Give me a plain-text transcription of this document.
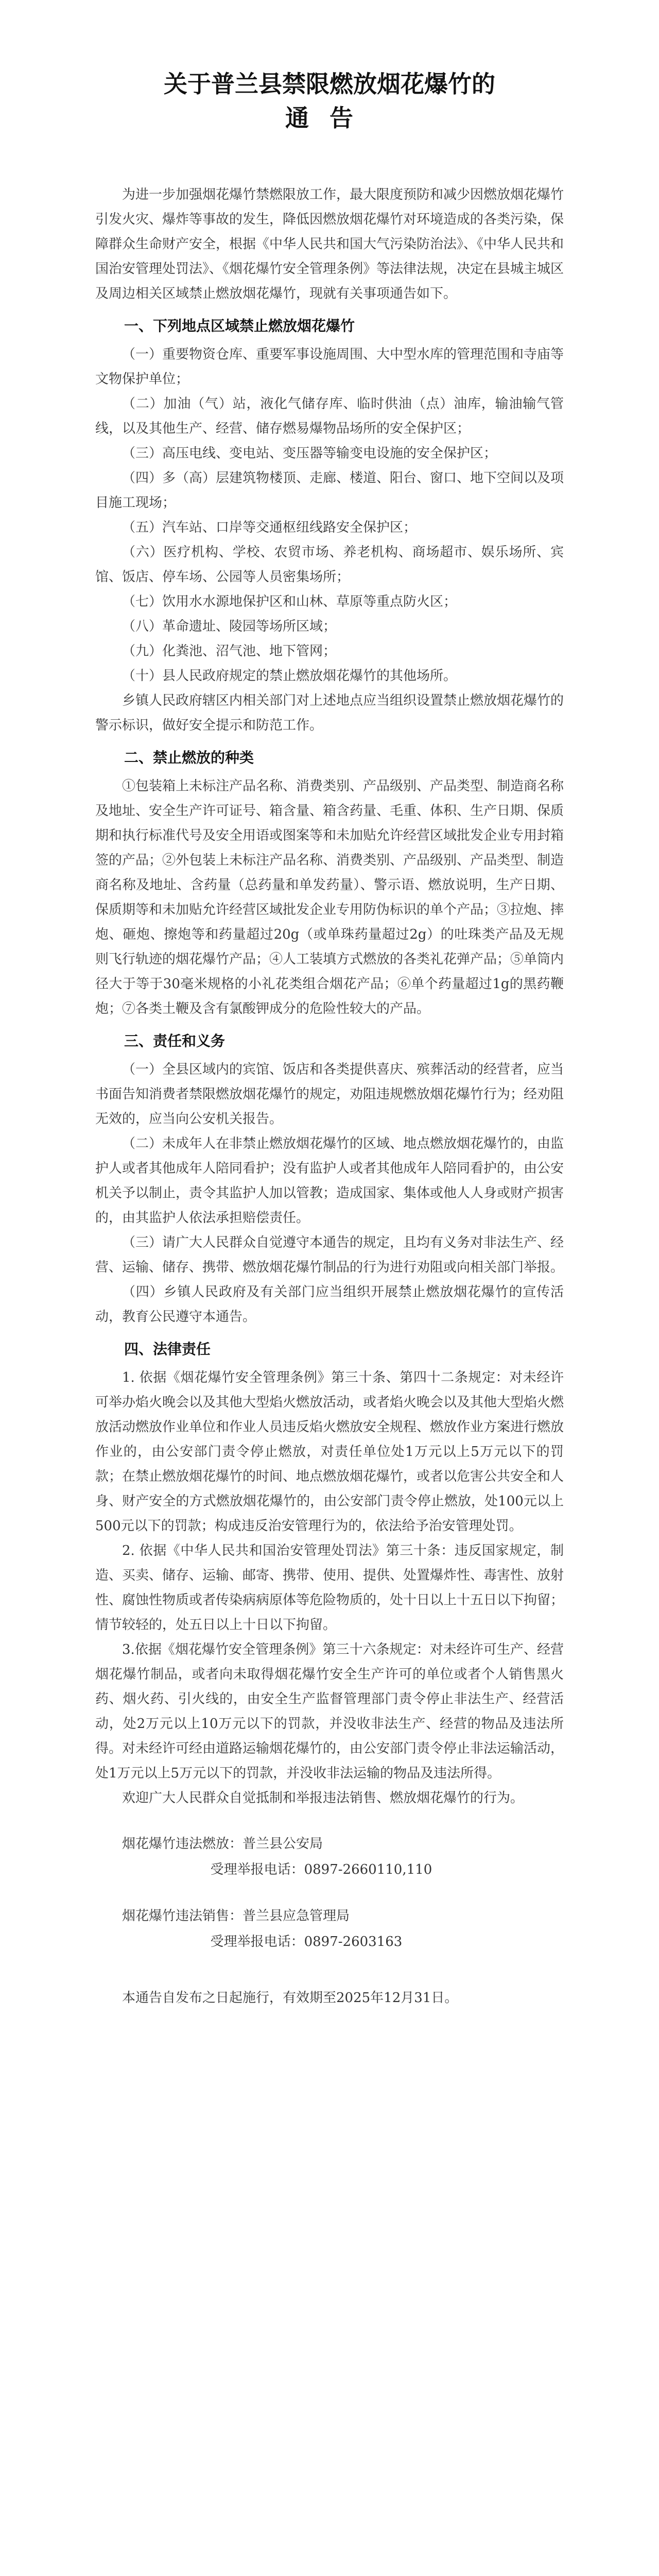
关于普兰县禁限燃放烟花爆竹的
通告

为进一步加强烟花爆竹禁燃限放工作，最大限度预防和减少因燃放烟花爆竹引发火灾、爆炸等事故的发生，降低因燃放烟花爆竹对环境造成的各类污染，保障群众生命财产安全，根据《中华人民共和国大气污染防治法》、《中华人民共和国治安管理处罚法》、《烟花爆竹安全管理条例》等法律法规，决定在县城主城区及周边相关区域禁止燃放烟花爆竹，现就有关事项通告如下。

一、下列地点区域禁止燃放烟花爆竹

（一）重要物资仓库、重要军事设施周围、大中型水库的管理范围和寺庙等文物保护单位；

（二）加油（气）站，液化气储存库、临时供油（点）油库，输油输气管线，以及其他生产、经营、储存燃易爆物品场所的安全保护区；

（三）高压电线、变电站、变压器等输变电设施的安全保护区；

（四）多（高）层建筑物楼顶、走廊、楼道、阳台、窗口、地下空间以及项目施工现场；

（五）汽车站、口岸等交通枢纽线路安全保护区；

（六）医疗机构、学校、农贸市场、养老机构、商场超市、娱乐场所、宾馆、饭店、停车场、公园等人员密集场所；

（七）饮用水水源地保护区和山林、草原等重点防火区；

（八）革命遗址、陵园等场所区域；

（九）化粪池、沼气池、地下管网；

（十）县人民政府规定的禁止燃放烟花爆竹的其他场所。

乡镇人民政府辖区内相关部门对上述地点应当组织设置禁止燃放烟花爆竹的警示标识，做好安全提示和防范工作。

二、禁止燃放的种类

①包装箱上未标注产品名称、消费类别、产品级别、产品类型、制造商名称及地址、安全生产许可证号、箱含量、箱含药量、毛重、体积、生产日期、保质期和执行标准代号及安全用语或图案等和未加贴允许经营区域批发企业专用封箱签的产品；②外包装上未标注产品名称、消费类别、产品级别、产品类型、制造商名称及地址、含药量（总药量和单发药量）、警示语、燃放说明，生产日期、保质期等和未加贴允许经营区域批发企业专用防伪标识的单个产品；③拉炮、摔炮、砸炮、擦炮等和药量超过20g（或单珠药量超过2g）的吐珠类产品及无规则飞行轨迹的烟花爆竹产品；④人工装填方式燃放的各类礼花弹产品；⑤单筒内径大于等于30毫米规格的小礼花类组合烟花产品；⑥单个药量超过1g的黑药鞭炮；⑦各类土鞭及含有氯酸钾成分的危险性较大的产品。

三、责任和义务

（一）全县区域内的宾馆、饭店和各类提供喜庆、殡葬活动的经营者，应当书面告知消费者禁限燃放烟花爆竹的规定，劝阻违规燃放烟花爆竹行为；经劝阻无效的，应当向公安机关报告。

（二）未成年人在非禁止燃放烟花爆竹的区域、地点燃放烟花爆竹的，由监护人或者其他成年人陪同看护；没有监护人或者其他成年人陪同看护的，由公安机关予以制止，责令其监护人加以管教；造成国家、集体或他人人身或财产损害的，由其监护人依法承担赔偿责任。

（三）请广大人民群众自觉遵守本通告的规定，且均有义务对非法生产、经营、运输、储存、携带、燃放烟花爆竹制品的行为进行劝阻或向相关部门举报。

（四）乡镇人民政府及有关部门应当组织开展禁止燃放烟花爆竹的宣传活动，教育公民遵守本通告。

四、法律责任

1. 依据《烟花爆竹安全管理条例》第三十条、第四十二条规定：对未经许可举办焰火晚会以及其他大型焰火燃放活动，或者焰火晚会以及其他大型焰火燃放活动燃放作业单位和作业人员违反焰火燃放安全规程、燃放作业方案进行燃放作业的，由公安部门责令停止燃放，对责任单位处1万元以上5万元以下的罚款；在禁止燃放烟花爆竹的时间、地点燃放烟花爆竹，或者以危害公共安全和人身、财产安全的方式燃放烟花爆竹的，由公安部门责令停止燃放，处100元以上500元以下的罚款；构成违反治安管理行为的，依法给予治安管理处罚。

2. 依据《中华人民共和国治安管理处罚法》第三十条：违反国家规定，制造、买卖、储存、运输、邮寄、携带、使用、提供、处置爆炸性、毒害性、放射性、腐蚀性物质或者传染病病原体等危险物质的，处十日以上十五日以下拘留；情节较轻的，处五日以上十日以下拘留。

3.依据《烟花爆竹安全管理条例》第三十六条规定：对未经许可生产、经营烟花爆竹制品，或者向未取得烟花爆竹安全生产许可的单位或者个人销售黑火药、烟火药、引火线的，由安全生产监督管理部门责令停止非法生产、经营活动，处2万元以上10万元以下的罚款，并没收非法生产、经营的物品及违法所得。对未经许可经由道路运输烟花爆竹的，由公安部门责令停止非法运输活动，处1万元以上5万元以下的罚款，并没收非法运输的物品及违法所得。

欢迎广大人民群众自觉抵制和举报违法销售、燃放烟花爆竹的行为。

烟花爆竹违法燃放：普兰县公安局

受理举报电话：0897-2660110,110

烟花爆竹违法销售：普兰县应急管理局

受理举报电话：0897-2603163

本通告自发布之日起施行，有效期至2025年12月31日。
